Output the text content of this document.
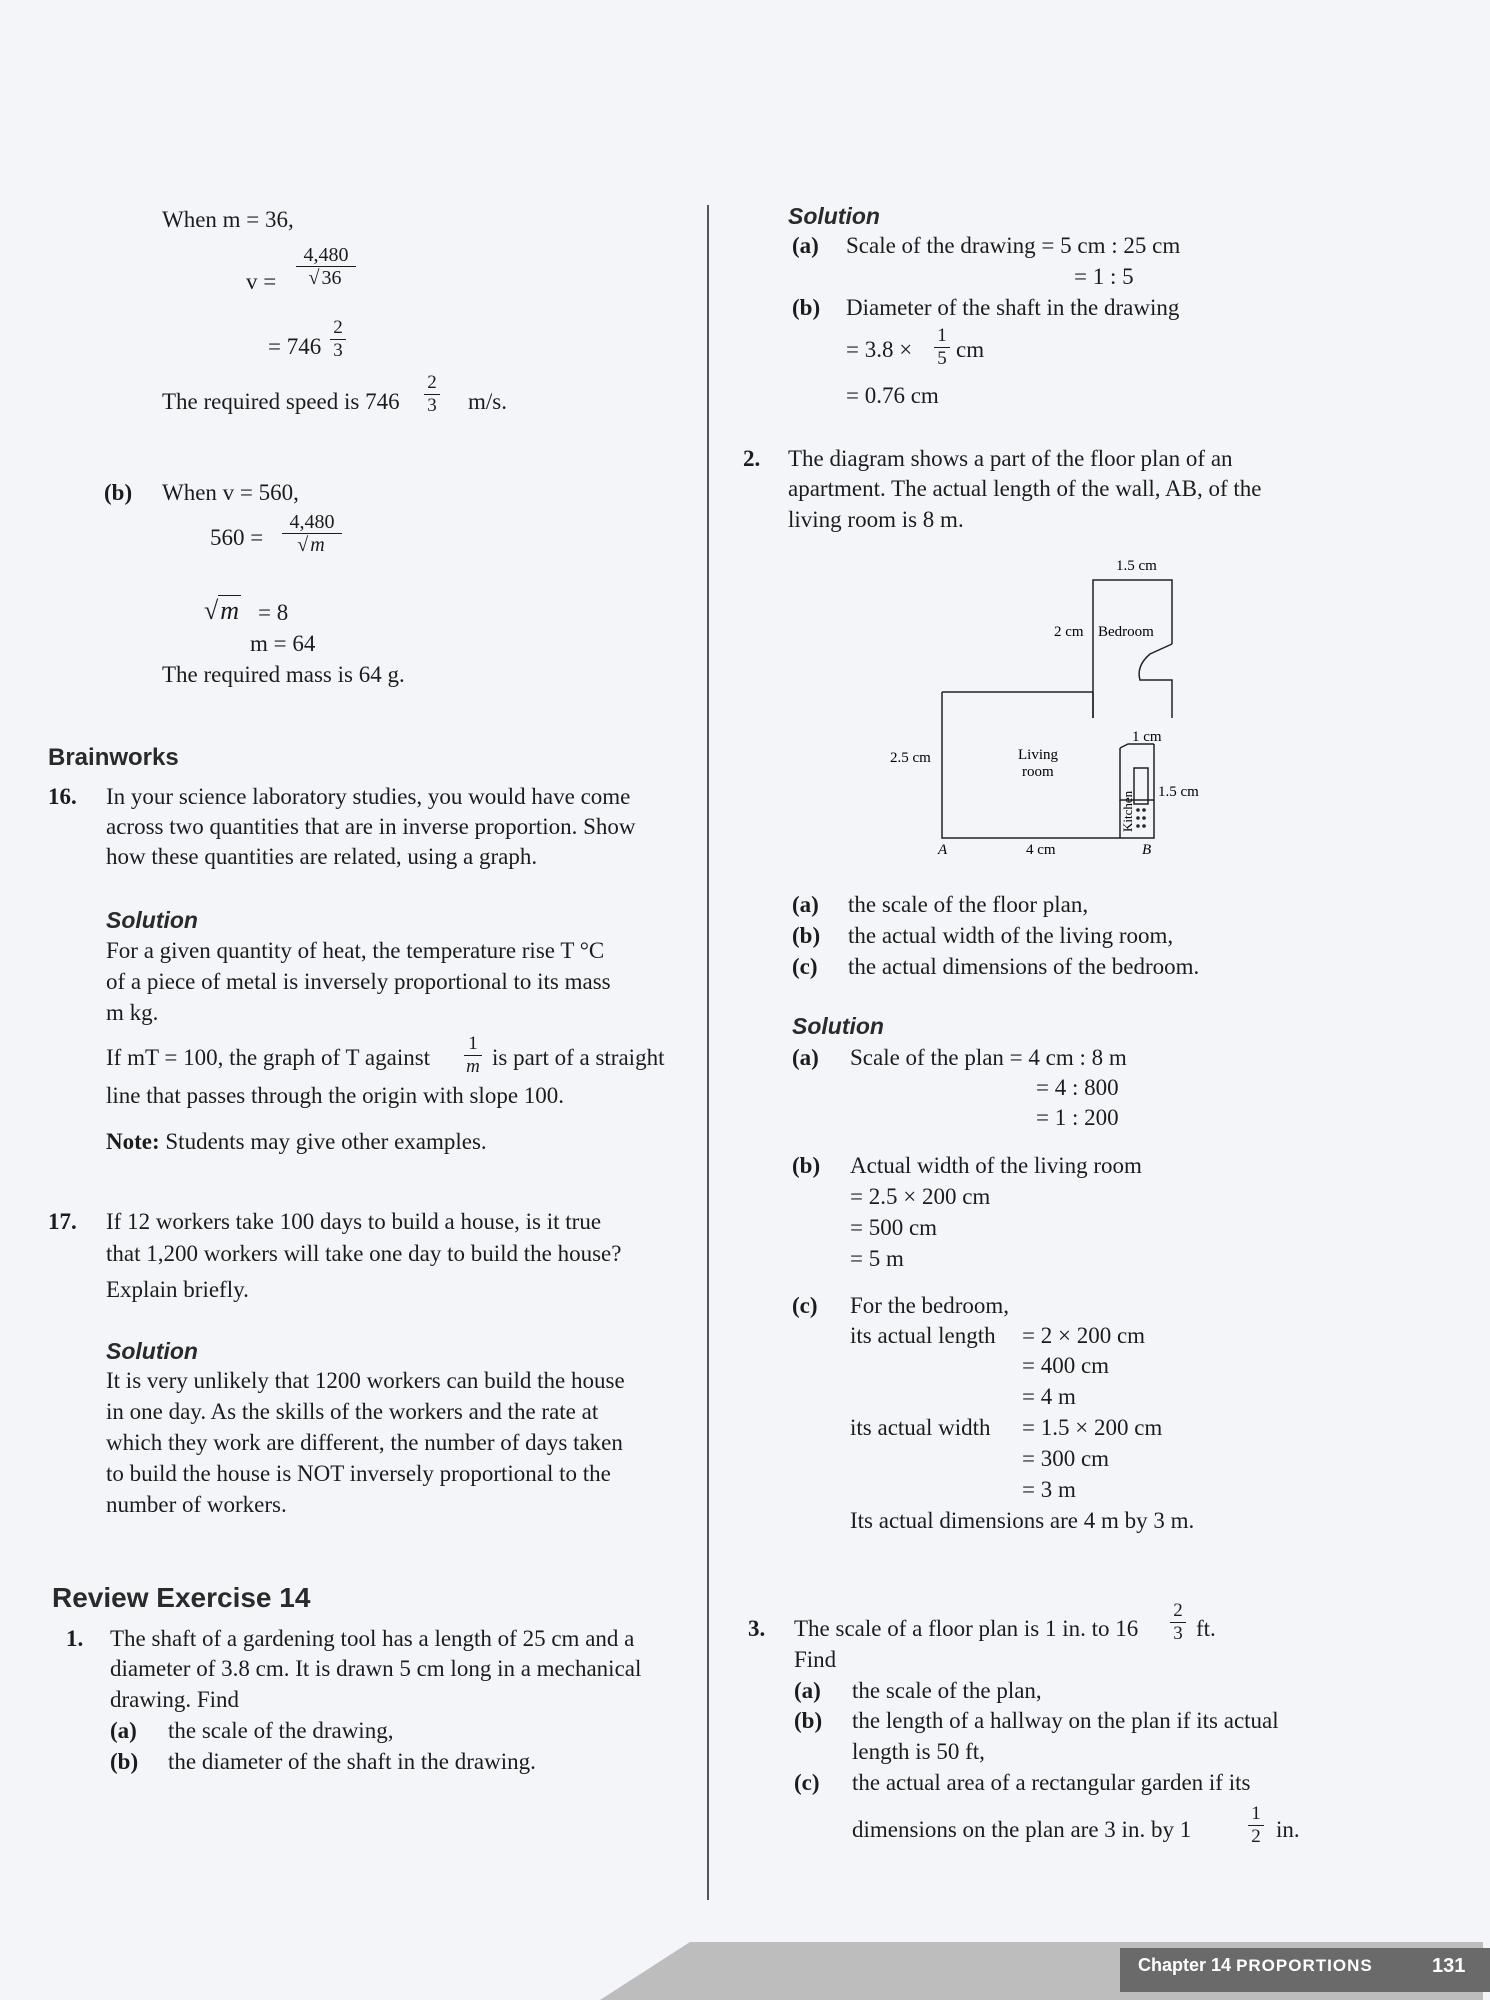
When m = 36,
v =
4,480
√ 36
= 746
2
3
The required speed is 746
2
3 m/s.
(b) When v = 560,
560 =
4,480
√ m
√m = 8
m = 64
The required mass is 64 g.
Brainworks
16. In your science laboratory studies, you would have come
across two quantities that are in inverse proportion. Show
how these quantities are related, using a graph.
Solution
For a given quantity of heat, the temperature rise T °C
of a piece of metal is inversely proportional to its mass
m kg.
If mT = 100, the graph of T against
1
m is part of a straight
line that passes through the origin with slope 100.
Note: Students may give other examples.
17. If 12 workers take 100 days to build a house, is it true
that 1,200 workers will take one day to build the house?
Explain briefly.
Solution
It is very unlikely that 1200 workers can build the house
in one day. As the skills of the workers and the rate at
which they work are different, the number of days taken
to build the house is NOT inversely proportional to the
number of workers.
Review Exercise 14
1. The shaft of a gardening tool has a length of 25 cm and a
diameter of 3.8 cm. It is drawn 5 cm long in a mechanical
drawing. Find
(a) the scale of the drawing,
(b) the diameter of the shaft in the drawing.
Solution
(a) Scale of the drawing = 5 cm : 25 cm
= 1 : 5
(b) Diameter of the shaft in the drawing
= 3.8 ×
1
5 cm
= 0.76 cm
2. The diagram shows a part of the floor plan of an
apartment. The actual length of the wall, AB, of the
living room is 8 m.
1.5 cm
2 cm Bedroom
1 cm
2.5 cm	Living
room
1.5 cm
Kitchen
A	4 cm	B
(a) the scale of the floor plan,
(b) the actual width of the living room,
(c) the actual dimensions of the bedroom.
Solution
(a) Scale of the plan = 4 cm : 8 m
= 4 : 800
= 1 : 200
(b) Actual width of the living room
= 2.5 × 200 cm
= 500 cm
= 5 m
(c) For the bedroom,
its actual length = 2 × 200 cm
= 400 cm
= 4 m
its actual width = 1.5 × 200 cm
= 300 cm
= 3 m
Its actual dimensions are 4 m by 3 m.
3. The scale of a floor plan is 1 in. to 16
2
3 ft.
Find
(a) the scale of the plan,
(b) the length of a hallway on the plan if its actual
length is 50 ft,
(c) the actual area of a rectangular garden if its
dimensions on the plan are 3 in. by 1
1
2 in.
Chapter 14 PROPORTIONS	131
